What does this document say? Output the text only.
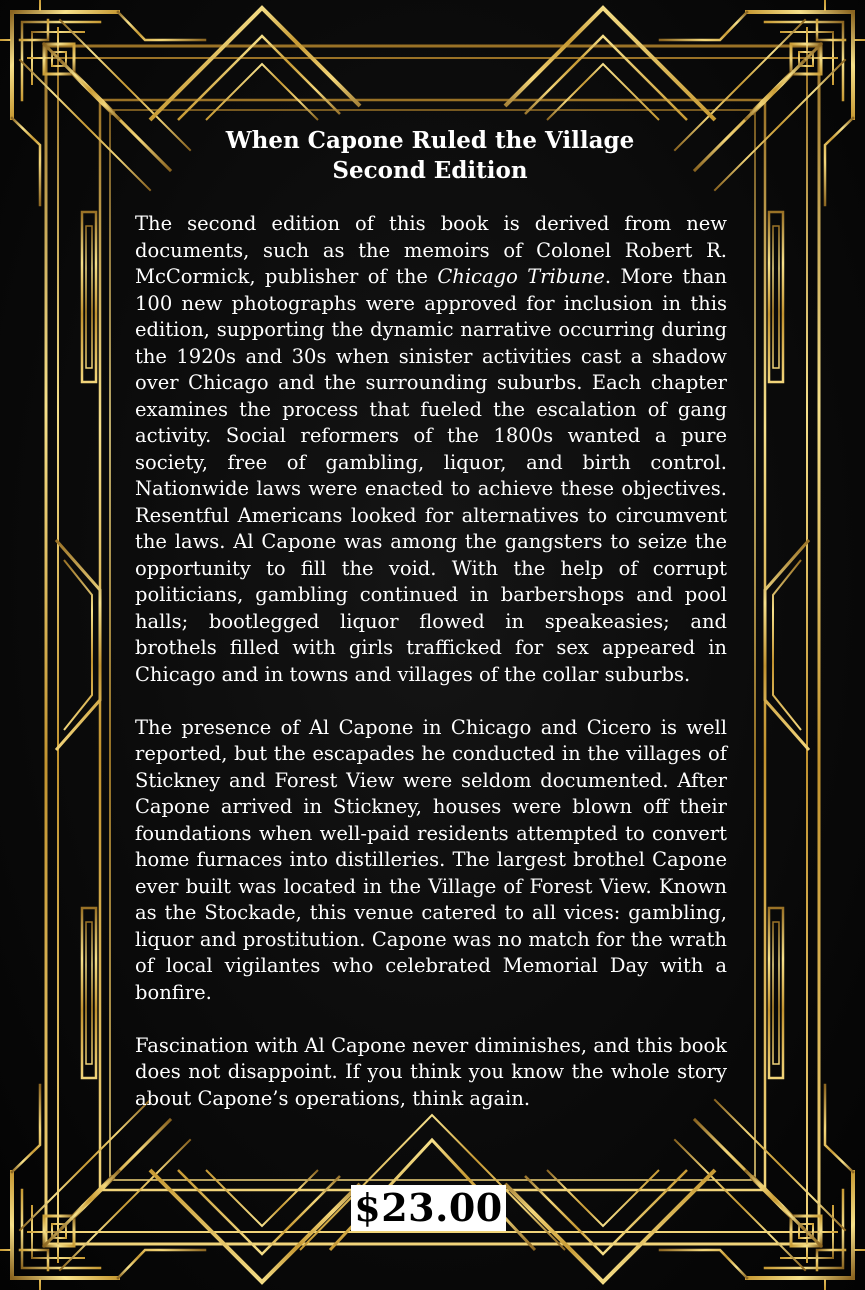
When Capone Ruled the Village
Second Edition

The second edition of this book is derived from new documents, such as the memoirs of Colonel Robert R. McCormick, publisher of the Chicago Tribune. More than 100 new photographs were approved for inclusion in this edition, supporting the dynamic narrative occurring during the 1920s and 30s when sinister activities cast a shadow over Chicago and the surrounding suburbs. Each chapter examines the process that fueled the escalation of gang activity. Social reformers of the 1800s wanted a pure society, free of gambling, liquor, and birth control. Nationwide laws were enacted to achieve these objectives. Resentful Americans looked for alternatives to circumvent the laws. Al Capone was among the gangsters to seize the opportunity to fill the void. With the help of corrupt politicians, gambling continued in barbershops and pool halls; bootlegged liquor flowed in speakeasies; and brothels filled with girls trafficked for sex appeared in Chicago and in towns and villages of the collar suburbs.

The presence of Al Capone in Chicago and Cicero is well reported, but the escapades he conducted in the villages of Stickney and Forest View were seldom documented. After Capone arrived in Stickney, houses were blown off their foundations when well-paid residents attempted to convert home furnaces into distilleries. The largest brothel Capone ever built was located in the Village of Forest View. Known as the Stockade, this venue catered to all vices: gambling, liquor and prostitution. Capone was no match for the wrath of local vigilantes who celebrated Memorial Day with a bonfire.

Fascination with Al Capone never diminishes, and this book does not disappoint. If you think you know the whole story about Capone’s operations, think again.

$23.00
